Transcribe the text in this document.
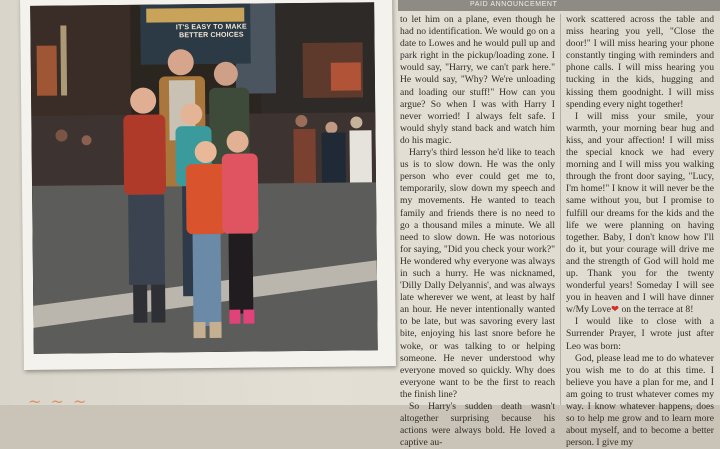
IT'S EASY TO MAKE BETTER CHOICES
PAID ANNOUNCEMENT

to let him on a plane, even though he had no identification. We would go on a date to Lowes and he would pull up and park right in the pickup/loading zone. I would say, "Harry, we can't park here." He would say, "Why? We're unloading and loading our stuff!" How can you argue? So when I was with Harry I never worried! I always felt safe. I would shyly stand back and watch him do his magic.

Harry's third lesson he'd like to teach us is to slow down. He was the only person who ever could get me to, temporarily, slow down my speech and my movements. He wanted to teach family and friends there is no need to go a thousand miles a minute. We all need to slow down. He was notorious for saying, "Did you check your work?" He wondered why everyone was always in such a hurry. He was nicknamed, 'Dilly Dally Delyannis', and was always late wherever we went, at least by half an hour. He never intentionally wanted to be late, but was savoring every last bite, enjoying his last snore before he woke, or was talking to or helping someone. He never understood why everyone moved so quickly. Why does everyone want to be the first to reach the finish line?

So Harry's sudden death wasn't altogether surprising because his actions were always bold. He loved a captive au-

work scattered across the table and miss hearing you yell, "Close the door!" I will miss hearing your phone constantly tinging with reminders and phone calls. I will miss hearing you tucking in the kids, hugging and kissing them goodnight. I will miss spending every night together!

I will miss your smile, your warmth, your morning bear hug and kiss, and your affection! I will miss the special knock we had every morning and I will miss you walking through the front door saying, "Lucy, I'm home!" I know it will never be the same without you, but I promise to fulfill our dreams for the kids and the life we were planning on having together. Baby, I don't know how I'll do it, but your courage will drive me and the strength of God will hold me up. Thank you for the twenty wonderful years! Someday I will see you in heaven and I will have dinner w/My Love❤ on the terrace at 8!

I would like to close with a Surrender Prayer, I wrote just after Leo was born:

God, please lead me to do whatever you wish me to do at this time. I believe you have a plan for me, and I am going to trust whatever comes my way. I know whatever happens, does so to help me grow and to learn more about myself, and to become a better person. I give my

~ ~ ~
